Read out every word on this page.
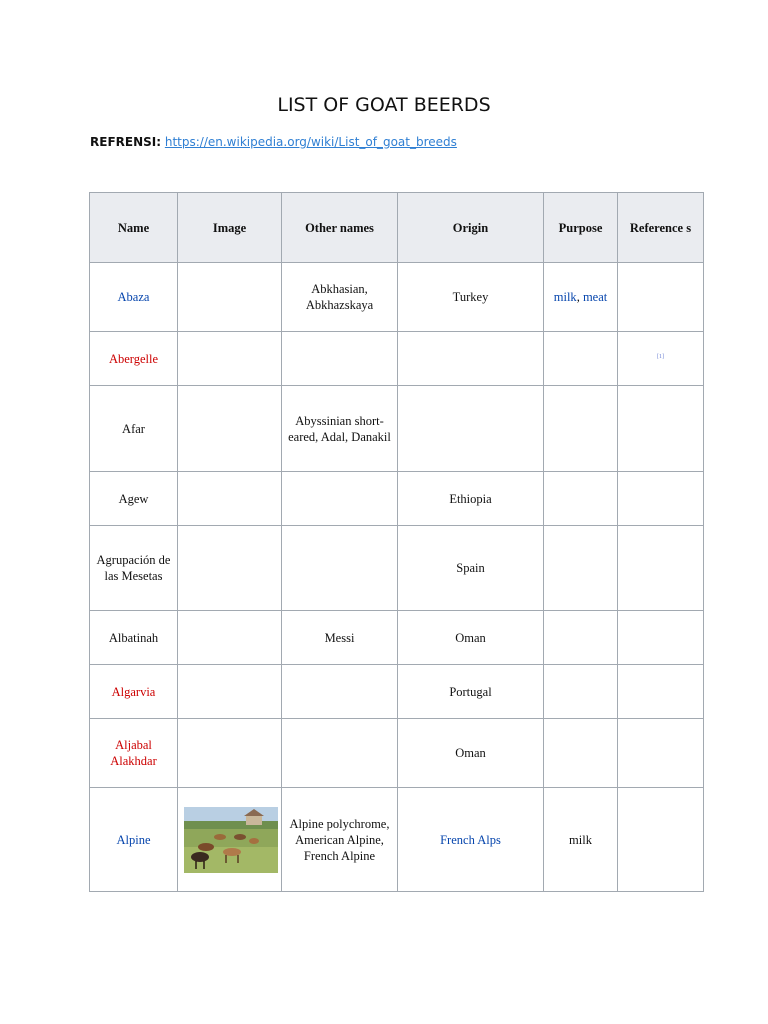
LIST OF GOAT BEERDS
REFRENSI: https://en.wikipedia.org/wiki/List_of_goat_breeds
Name	Image	Other names	Origin	Purpose	Reference s
Abaza		Abkhasian, Abkhazskaya	Turkey	milk, meat	
Abergelle					[1]
Afar		Abyssinian short-eared, Adal, Danakil			
Agew			Ethiopia		
Agrupación de las Mesetas			Spain		
Albatinah		Messi	Oman		
Algarvia			Portugal		
Aljabal Alakhdar			Oman		
Alpine		Alpine polychrome, American Alpine, French Alpine	French Alps	milk	
